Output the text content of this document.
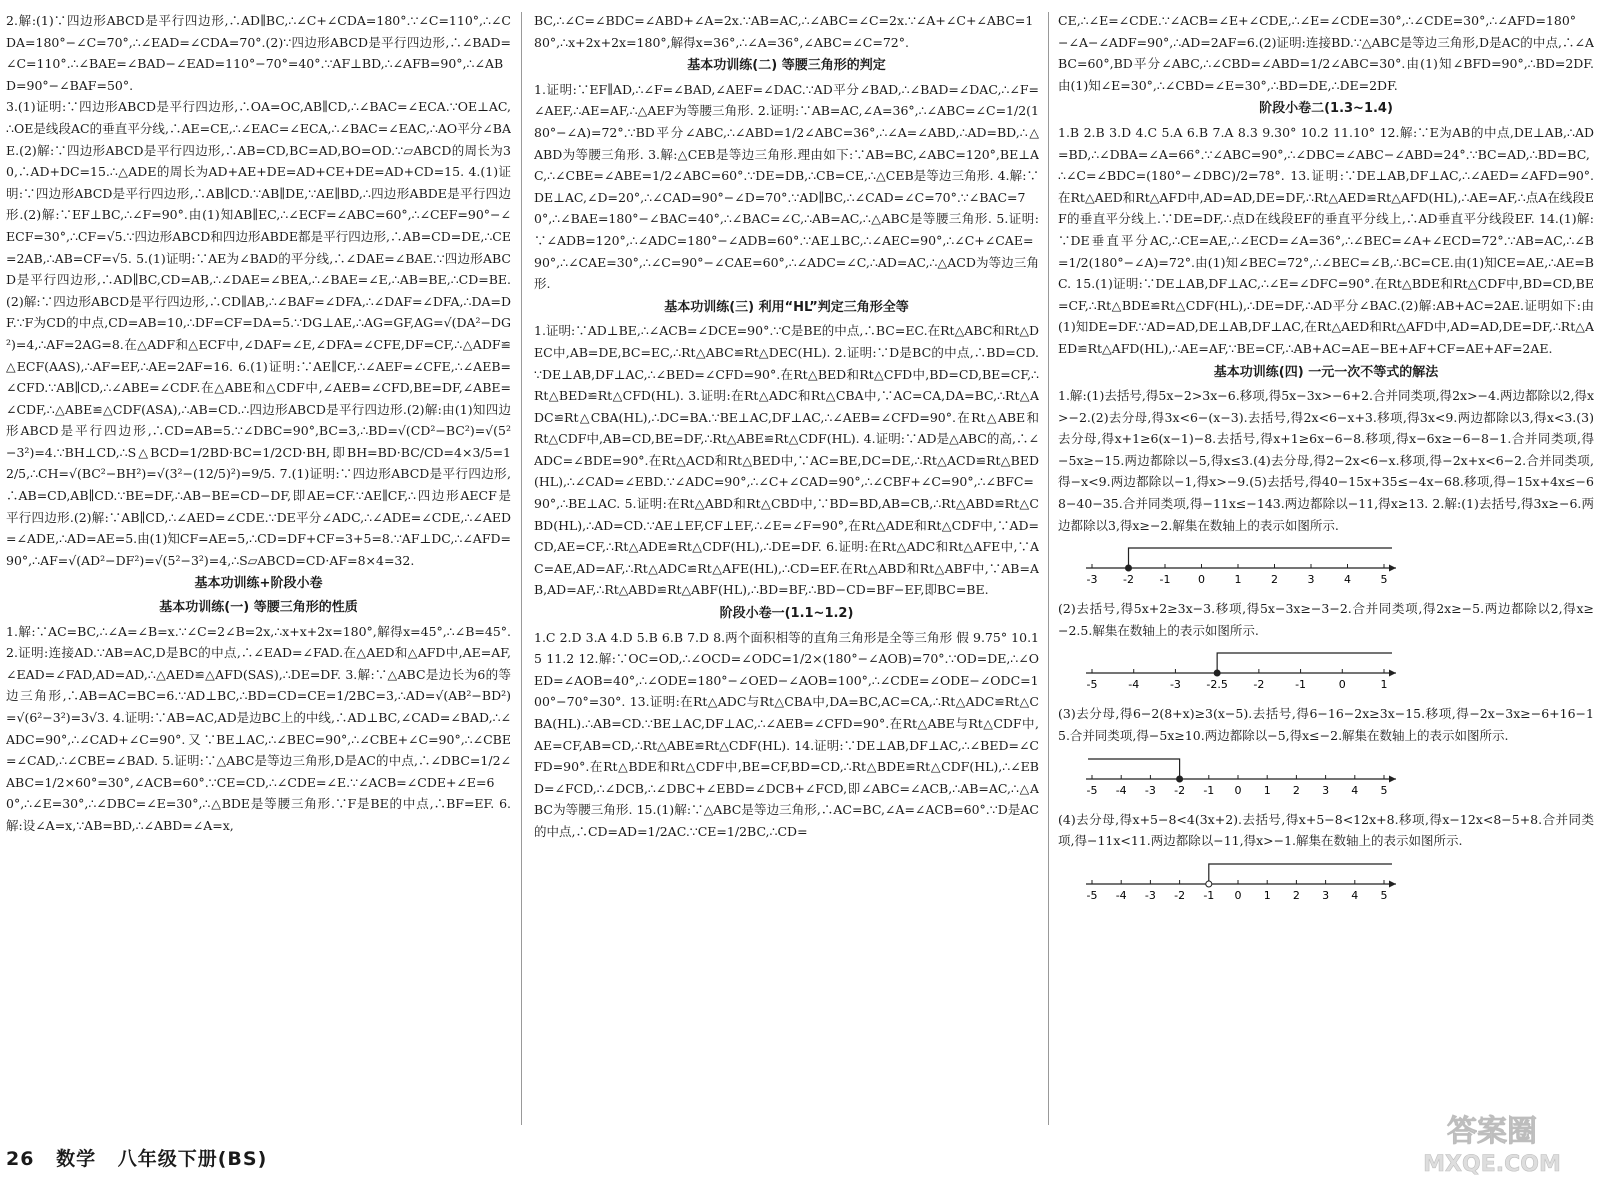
2.解:(1)∵四边形ABCD是平行四边形,∴AD∥BC,∴∠C+∠CDA=180°.∵∠C=110°,∴∠CDA=180°−∠C=70°,∴∠EAD=∠CDA=70°.(2)∵四边形ABCD是平行四边形,∴∠BAD=∠C=110°.∴∠BAE=∠BAD−∠EAD=110°−70°=40°.∵AF⊥BD,∴∠AFB=90°,∴∠ABD=90°−∠BAF=50°.

3.(1)证明:∵四边形ABCD是平行四边形,∴OA=OC,AB∥CD,∴∠BAC=∠ECA.∵OE⊥AC,∴OE是线段AC的垂直平分线,∴AE=CE,∴∠EAC=∠ECA,∴∠BAC=∠EAC,∴AO平分∠BAE.(2)解:∵四边形ABCD是平行四边形,∴AB=CD,BC=AD,BO=OD.∵▱ABCD的周长为30,∴AD+DC=15.∴△ADE的周长为AD+AE+DE=AD+CE+DE=AD+CD=15. 4.(1)证明:∵四边形ABCD是平行四边形,∴AB∥CD.∵AB∥DE,∵AE∥BD,∴四边形ABDE是平行四边形.(2)解:∵EF⊥BC,∴∠F=90°.由(1)知AB∥EC,∴∠ECF=∠ABC=60°,∴∠CEF=90°−∠ECF=30°,∴CF=√5.∵四边形ABCD和四边形ABDE都是平行四边形,∴AB=CD=DE,∴CE=2AB,∴AB=CF=√5. 5.(1)证明:∵AE为∠BAD的平分线,∴∠DAE=∠BAE.∵四边形ABCD是平行四边形,∴AD∥BC,CD=AB,∴∠DAE=∠BEA,∴∠BAE=∠E,∴AB=BE,∴CD=BE.(2)解:∵四边形ABCD是平行四边形,∴CD∥AB,∴∠BAF=∠DFA,∴∠DAF=∠DFA,∴DA=DF.∵F为CD的中点,CD=AB=10,∴DF=CF=DA=5.∵DG⊥AE,∴AG=GF,AG=√(DA²−DG²)=4,∴AF=2AG=8.在△ADF和△ECF中,∠DAF=∠E,∠DFA=∠CFE,DF=CF,∴△ADF≌△ECF(AAS),∴AF=EF,∴AE=2AF=16. 6.(1)证明:∵AE∥CF,∴∠AEF=∠CFE,∴∠AEB=∠CFD.∵AB∥CD,∴∠ABE=∠CDF.在△ABE和△CDF中,∠AEB=∠CFD,BE=DF,∠ABE=∠CDF,∴△ABE≌△CDF(ASA),∴AB=CD.∴四边形ABCD是平行四边形.(2)解:由(1)知四边形ABCD是平行四边形,∴CD=AB=5.∵∠DBC=90°,BC=3,∴BD=√(CD²−BC²)=√(5²−3²)=4.∵BH⊥CD,∴S△BCD=1/2BD·BC=1/2CD·BH,即BH=BD·BC/CD=4×3/5=12/5,∴CH=√(BC²−BH²)=√(3²−(12/5)²)=9/5. 7.(1)证明:∵四边形ABCD是平行四边形,∴AB=CD,AB∥CD.∵BE=DF,∴AB−BE=CD−DF,即AE=CF.∵AE∥CF,∴四边形AECF是平行四边形.(2)解:∵AB∥CD,∴∠AED=∠CDE.∵DE平分∠ADC,∴∠ADE=∠CDE,∴∠AED=∠ADE,∴AD=AE=5.由(1)知CF=AE=5,∴CD=DF+CF=3+5=8.∵AF⊥DC,∴∠AFD=90°,∴AF=√(AD²−DF²)=√(5²−3²)=4,∴S▱ABCD=CD·AF=8×4=32.

基本功训练+阶段小卷

基本功训练(一) 等腰三角形的性质

1.解:∵AC=BC,∴∠A=∠B=x.∵∠C=2∠B=2x,∴x+x+2x=180°,解得x=45°,∴∠B=45°. 2.证明:连接AD.∵AB=AC,D是BC的中点,∴∠EAD=∠FAD.在△AED和△AFD中,AE=AF,∠EAD=∠FAD,AD=AD,∴△AED≌△AFD(SAS),∴DE=DF. 3.解:∵△ABC是边长为6的等边三角形,∴AB=AC=BC=6.∵AD⊥BC,∴BD=CD=CE=1/2BC=3,∴AD=√(AB²−BD²)=√(6²−3²)=3√3. 4.证明:∵AB=AC,AD是边BC上的中线,∴AD⊥BC,∠CAD=∠BAD,∴∠ADC=90°,∴∠CAD+∠C=90°.又∵BE⊥AC,∴∠BEC=90°,∴∠CBE+∠C=90°,∴∠CBE=∠CAD,∴∠CBE=∠BAD. 5.证明:∵△ABC是等边三角形,D是AC的中点,∴∠DBC=1/2∠ABC=1/2×60°=30°,∠ACB=60°.∵CE=CD,∴∠CDE=∠E.∵∠ACB=∠CDE+∠E=60°,∴∠E=30°,∴∠DBC=∠E=30°,∴△BDE是等腰三角形.∵F是BE的中点,∴BF=EF. 6.解:设∠A=x,∵AB=BD,∴∠ABD=∠A=x,

BC,∴∠C=∠BDC=∠ABD+∠A=2x.∵AB=AC,∴∠ABC=∠C=2x.∵∠A+∠C+∠ABC=180°,∴x+2x+2x=180°,解得x=36°,∴∠A=36°,∠ABC=∠C=72°.

基本功训练(二) 等腰三角形的判定

1.证明:∵EF∥AD,∴∠F=∠BAD,∠AEF=∠DAC.∵AD平分∠BAD,∴∠BAD=∠DAC,∴∠F=∠AEF,∴AE=AF,∴△AEF为等腰三角形. 2.证明:∵AB=AC,∠A=36°,∴∠ABC=∠C=1/2(180°−∠A)=72°.∵BD平分∠ABC,∴∠ABD=1/2∠ABC=36°,∴∠A=∠ABD,∴AD=BD,∴△ABD为等腰三角形. 3.解:△CEB是等边三角形.理由如下:∵AB=BC,∠ABC=120°,BE⊥AC,∴∠CBE=∠ABE=1/2∠ABC=60°.∵DE=DB,∴CB=CE,∴△CEB是等边三角形. 4.解:∵DE⊥AC,∠D=20°,∴∠CAD=90°−∠D=70°.∵AD∥BC,∴∠CAD=∠C=70°.∵∠BAC=70°,∴∠BAE=180°−∠BAC=40°,∴∠BAC=∠C,∴AB=AC,∴△ABC是等腰三角形. 5.证明:∵∠ADB=120°,∴∠ADC=180°−∠ADB=60°.∵AE⊥BC,∴∠AEC=90°,∴∠C+∠CAE=90°,∴∠CAE=30°,∴∠C=90°−∠CAE=60°,∴∠ADC=∠C,∴AD=AC,∴△ACD为等边三角形.

基本功训练(三) 利用“HL”判定三角形全等

1.证明:∵AD⊥BE,∴∠ACB=∠DCE=90°.∵C是BE的中点,∴BC=EC.在Rt△ABC和Rt△DEC中,AB=DE,BC=EC,∴Rt△ABC≌Rt△DEC(HL). 2.证明:∵D是BC的中点,∴BD=CD.∵DE⊥AB,DF⊥AC,∴∠BED=∠CFD=90°.在Rt△BED和Rt△CFD中,BD=CD,BE=CF,∴Rt△BED≌Rt△CFD(HL). 3.证明:在Rt△ADC和Rt△CBA中,∵AC=CA,DA=BC,∴Rt△ADC≌Rt△CBA(HL),∴DC=BA.∵BE⊥AC,DF⊥AC,∴∠AEB=∠CFD=90°.在Rt△ABE和Rt△CDF中,AB=CD,BE=DF,∴Rt△ABE≌Rt△CDF(HL). 4.证明:∵AD是△ABC的高,∴∠ADC=∠BDE=90°.在Rt△ACD和Rt△BED中,∵AC=BE,DC=DE,∴Rt△ACD≌Rt△BED(HL),∴∠CAD=∠EBD.∵∠ADC=90°,∴∠C+∠CAD=90°,∴∠CBF+∠C=90°,∴∠BFC=90°,∴BE⊥AC. 5.证明:在Rt△ABD和Rt△CBD中,∵BD=BD,AB=CB,∴Rt△ABD≌Rt△CBD(HL),∴AD=CD.∵AE⊥EF,CF⊥EF,∴∠E=∠F=90°,在Rt△ADE和Rt△CDF中,∵AD=CD,AE=CF,∴Rt△ADE≌Rt△CDF(HL),∴DE=DF. 6.证明:在Rt△ADC和Rt△AFE中,∵AC=AE,AD=AF,∴Rt△ADC≌Rt△AFE(HL),∴CD=EF.在Rt△ABD和Rt△ABF中,∵AB=AB,AD=AF,∴Rt△ABD≌Rt△ABF(HL),∴BD=BF,∴BD−CD=BF−EF,即BC=BE.

阶段小卷一(1.1~1.2)

1.C 2.D 3.A 4.D 5.B 6.B 7.D 8.两个面积相等的直角三角形是全等三角形 假 9.75° 10.15 11.2 12.解:∵OC=OD,∴∠OCD=∠ODC=1/2×(180°−∠AOB)=70°.∵OD=DE,∴∠OED=∠AOB=40°,∴∠ODE=180°−∠OED−∠AOB=100°,∴∠CDE=∠ODE−∠ODC=100°−70°=30°. 13.证明:在Rt△ADC与Rt△CBA中,DA=BC,AC=CA,∴Rt△ADC≌Rt△CBA(HL).∴AB=CD.∵BE⊥AC,DF⊥AC,∴∠AEB=∠CFD=90°.在Rt△ABE与Rt△CDF中,AE=CF,AB=CD,∴Rt△ABE≌Rt△CDF(HL). 14.证明:∵DE⊥AB,DF⊥AC,∴∠BED=∠CFD=90°.在Rt△BDE和Rt△CDF中,BE=CF,BD=CD,∴Rt△BDE≌Rt△CDF(HL),∴∠EBD=∠FCD,∴∠DCB,∴∠DBC+∠EBD=∠DCB+∠FCD,即∠ABC=∠ACB,∴AB=AC,∴△ABC为等腰三角形. 15.(1)解:∵△ABC是等边三角形,∴AC=BC,∠A=∠ACB=60°.∵D是AC的中点,∴CD=AD=1/2AC.∵CE=1/2BC,∴CD=

CE,∴∠E=∠CDE.∵∠ACB=∠E+∠CDE,∴∠E=∠CDE=30°,∴∠CDE=30°,∴∠AFD=180°−∠A−∠ADF=90°,∴AD=2AF=6.(2)证明:连接BD.∵△ABC是等边三角形,D是AC的中点,∴∠ABC=60°,BD平分∠ABC,∴∠CBD=∠ABD=1/2∠ABC=30°.由(1)知∠BFD=90°,∴BD=2DF.由(1)知∠E=30°,∴∠CBD=∠E=30°,∴BD=DE,∴DE=2DF.

阶段小卷二(1.3~1.4)

1.B 2.B 3.D 4.C 5.A 6.B 7.A 8.3 9.30° 10.2 11.10° 12.解:∵E为AB的中点,DE⊥AB,∴AD=BD,∴∠DBA=∠A=66°.∵∠ABC=90°,∴∠DBC=∠ABC−∠ABD=24°.∵BC=AD,∴BD=BC,∴∠C=∠BDC=(180°−∠DBC)/2=78°. 13.证明:∵DE⊥AB,DF⊥AC,∴∠AED=∠AFD=90°.在Rt△AED和Rt△AFD中,AD=AD,DE=DF,∴Rt△AED≌Rt△AFD(HL),∴AE=AF,∴点A在线段EF的垂直平分线上.∵DE=DF,∴点D在线段EF的垂直平分线上,∴AD垂直平分线段EF. 14.(1)解:∵DE垂直平分AC,∴CE=AE,∴∠ECD=∠A=36°,∴∠BEC=∠A+∠ECD=72°.∵AB=AC,∴∠B=1/2(180°−∠A)=72°.由(1)知∠BEC=72°,∴∠BEC=∠B,∴BC=CE.由(1)知CE=AE,∴AE=BC. 15.(1)证明:∵DE⊥AB,DF⊥AC,∴∠E=∠DFC=90°.在Rt△BDE和Rt△CDF中,BD=CD,BE=CF,∴Rt△BDE≌Rt△CDF(HL),∴DE=DF,∴AD平分∠BAC.(2)解:AB+AC=2AE.证明如下:由(1)知DE=DF.∵AD=AD,DE⊥AB,DF⊥AC,在Rt△AED和Rt△AFD中,AD=AD,DE=DF,∴Rt△AED≌Rt△AFD(HL),∴AE=AF,∵BE=CF,∴AB+AC=AE−BE+AF+CF=AE+AF=2AE.

基本功训练(四) 一元一次不等式的解法

1.解:(1)去括号,得5x−2>3x−6.移项,得5x−3x>−6+2.合并同类项,得2x>−4.两边都除以2,得x>−2.(2)去分母,得3x<6−(x−3).去括号,得2x<6−x+3.移项,得3x<9.两边都除以3,得x<3.(3)去分母,得x+1≥6(x−1)−8.去括号,得x+1≥6x−6−8.移项,得x−6x≥−6−8−1.合并同类项,得−5x≥−15.两边都除以−5,得x≤3.(4)去分母,得2−2x<6−x.移项,得−2x+x<6−2.合并同类项,得−x<9.两边都除以−1,得x>−9.(5)去括号,得40−15x+35≤−4x−68.移项,得−15x+4x≤−68−40−35.合并同类项,得−11x≤−143.两边都除以−11,得x≥13. 2.解:(1)去括号,得3x≥−6.两边都除以3,得x≥−2.解集在数轴上的表示如图所示.

-3 -2 -1	0	1	2	3	4	5

(2)去括号,得5x+2≥3x−3.移项,得5x−3x≥−3−2.合并同类项,得2x≥−5.两边都除以2,得x≥−2.5.解集在数轴上的表示如图所示.

-5	-4	-3 -2.5 -2	-1	0	1

(3)去分母,得6−2(8+x)≥3(x−5).去括号,得6−16−2x≥3x−15.移项,得−2x−3x≥−6+16−15.合并同类项,得−5x≥10.两边都除以−5,得x≤−2.解集在数轴上的表示如图所示.

-5 -4 -3 -2 -1 0 1 2 3 4 5

(4)去分母,得x+5−8<4(3x+2).去括号,得x+5−8<12x+8.移项,得x−12x<8−5+8.合并同类项,得−11x<11.两边都除以−11,得x>−1.解集在数轴上的表示如图所示.

-5 -4 -3 -2 -1 0 1 2 3 4 5
26 数学 八年级下册(BS)
答案圈
MXQE.COM
